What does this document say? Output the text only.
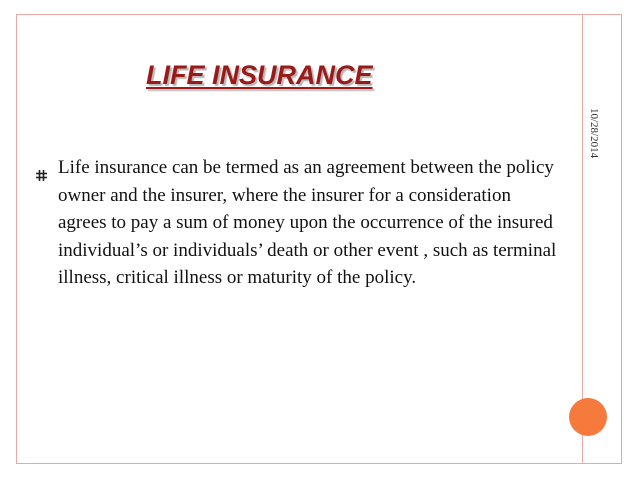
LIFE INSURANCE
10/28/2014
Life insurance can be termed as an agreement between the policy owner and the insurer, where the insurer for a consideration agrees to pay a sum of money upon the occurrence of the insured individual’s or individuals’ death or other event , such as terminal illness, critical illness or maturity of the policy.
